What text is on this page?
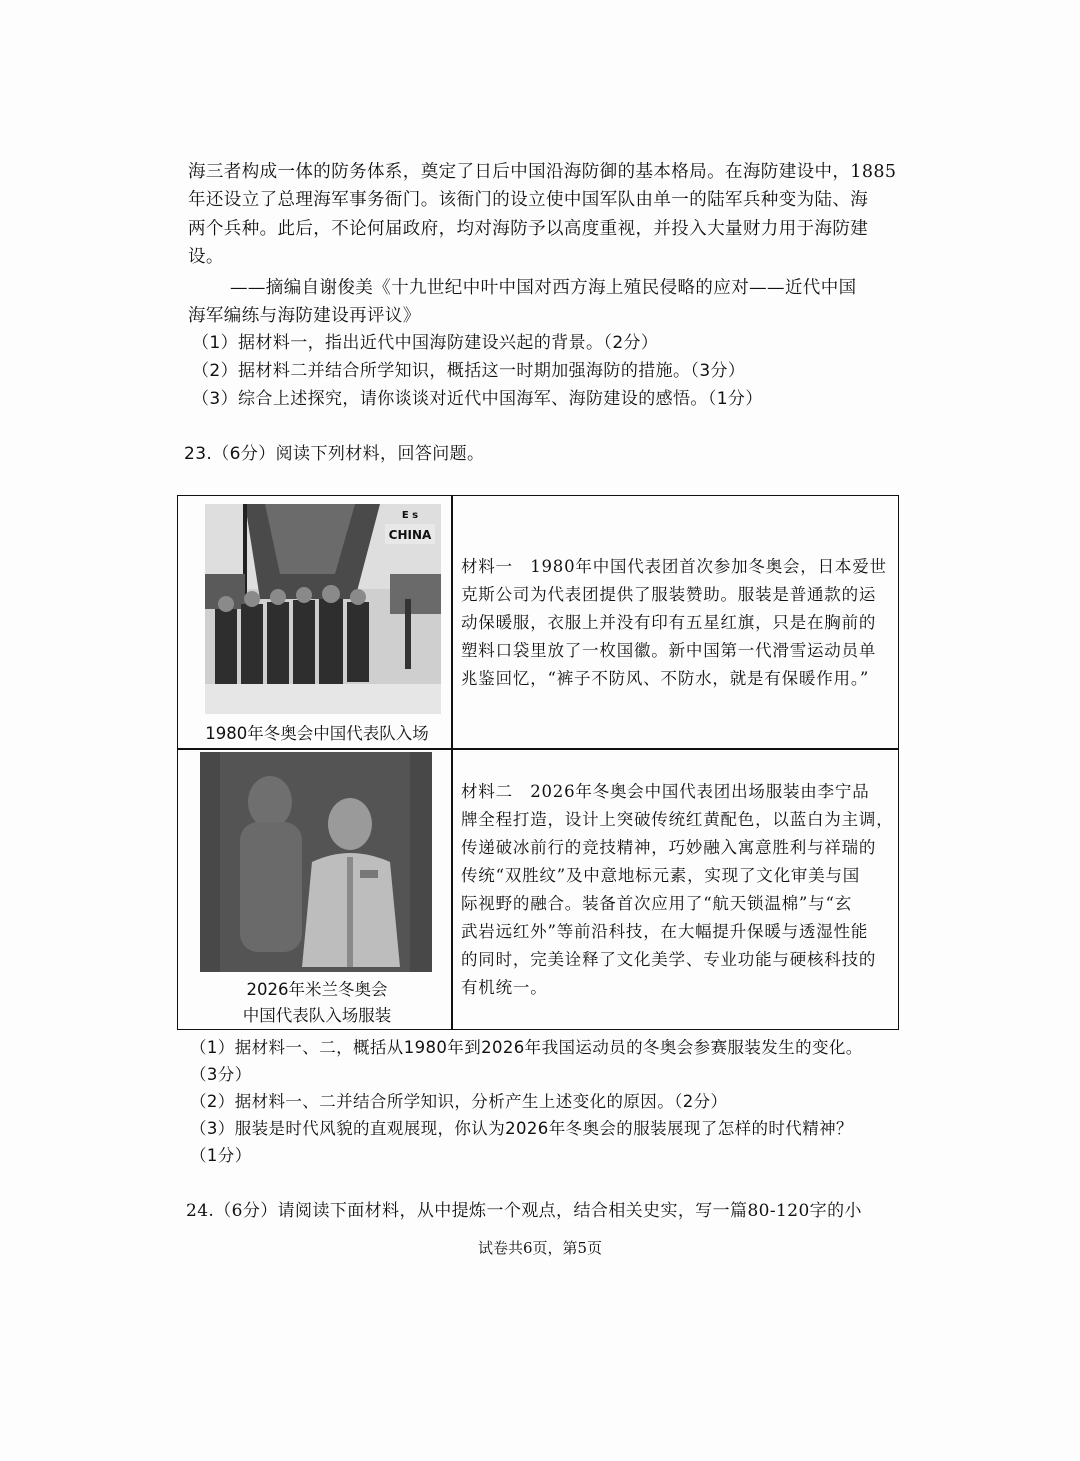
海三者构成一体的防务体系，奠定了日后中国沿海防御的基本格局。在海防建设中，1885
年还设立了总理海军事务衙门。该衙门的设立使中国军队由单一的陆军兵种变为陆、海
两个兵种。此后，不论何届政府，均对海防予以高度重视，并投入大量财力用于海防建
设。
——摘编自谢俊美《十九世纪中叶中国对西方海上殖民侵略的应对——近代中国
海军编练与海防建设再评议》
（1）据材料一，指出近代中国海防建设兴起的背景。（2分）
（2）据材料二并结合所学知识，概括这一时期加强海防的措施。（3分）
（3）综合上述探究，请你谈谈对近代中国海军、海防建设的感悟。（1分）
23.（6分）阅读下列材料，回答问题。
CHINA
E s
1980年冬奥会中国代表队入场
材料一　1980年中国代表团首次参加冬奥会，日本爱世
克斯公司为代表团提供了服装赞助。服装是普通款的运
动保暖服，衣服上并没有印有五星红旗，只是在胸前的
塑料口袋里放了一枚国徽。新中国第一代滑雪运动员单
兆鉴回忆，“裤子不防风、不防水，就是有保暖作用。”
2026年米兰冬奥会
中国代表队入场服装
材料二　2026年冬奥会中国代表团出场服装由李宁品
牌全程打造，设计上突破传统红黄配色，以蓝白为主调，
传递破冰前行的竞技精神，巧妙融入寓意胜利与祥瑞的
传统“双胜纹”及中意地标元素，实现了文化审美与国
际视野的融合。装备首次应用了“航天锁温棉”与“玄
武岩远红外”等前沿科技，在大幅提升保暖与透湿性能
的同时，完美诠释了文化美学、专业功能与硬核科技的
有机统一。
（1）据材料一、二，概括从1980年到2026年我国运动员的冬奥会参赛服装发生的变化。
（3分）
（2）据材料一、二并结合所学知识，分析产生上述变化的原因。（2分）
（3）服装是时代风貌的直观展现，你认为2026年冬奥会的服装展现了怎样的时代精神？
（1分）
24.（6分）请阅读下面材料，从中提炼一个观点，结合相关史实，写一篇80-120字的小
试卷共6页，第5页
